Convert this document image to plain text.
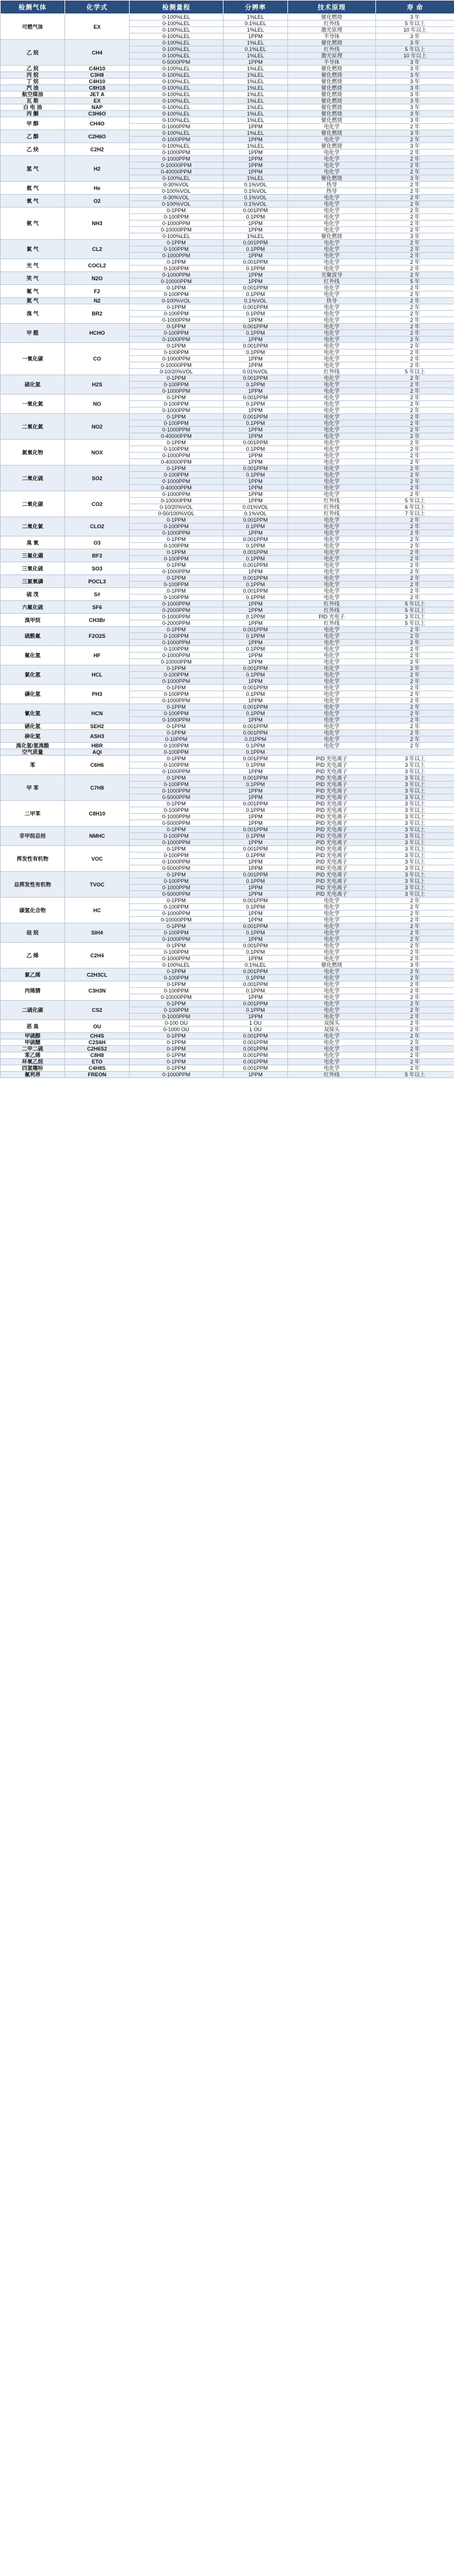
检测气体	化学式	检测量程	分辨率	技术原理	寿 命
可燃气体	EX	0-100%LEL	1%LEL	催化燃烧	3 年
		0-100%LEL	0.1%LEL	红外线	5 年以上
		0-100%LEL	1%LEL	激光原理	10 年以上
		0-100%LEL	1PPM	半导体	3 年
乙 烷	CH4	0-100%LEL	1%LEL	催化燃烧	3 年
		0-100%LEL	0.1%LEL	红外线	5 年以上
		0-100%LEL	1%LEL	激光原理	10 年以上
		0-5000PPM	1PPM	半导体	3 年
乙 烷	C4H10	0-100%LEL	1%LEL	催化燃烧	3 年
丙 烷	C3H8	0-100%LEL	1%LEL	催化燃烧	3 年
丁 烷	C4H10	0-100%LEL	1%LEL	催化燃烧	3 年
汽 油	C8H18	0-100%LEL	1%LEL	催化燃烧	3 年
航空煤油	JET A	0-100%LEL	1%LEL	催化燃烧	3 年
瓦 斯	EX	0-100%LEL	1%LEL	催化燃烧	3 年
白 电 油	NAP	0-100%LEL	1%LEL	催化燃烧	3 年
丙 酮	C3H6O	0-100%LEL	1%LEL	催化燃烧	3 年
甲 醇	CH4O	0-100%LEL	1%LEL	催化燃烧	3 年
		0-1000PPM	1PPM	电化学	2 年
乙 醇	C2H6O	0-100%LEL	1%LEL	催化燃烧	3 年
		0-1000PPM	1PPM	电化学	2 年
乙 炔	C2H2	0-100%LEL	1%LEL	催化燃烧	3 年
		0-1000PPM	1PPM	电化学	2 年
氢 气	H2	0-1000PPM	1PPM	电化学	2 年
		0-10000PPM	1PPM	电化学	2 年
		0-40000PPM	1PPM	电化学	2 年
		0-100%LEL	1%LEL	催化燃烧	3 年
氦 气	He	0-30%VOL	0.1%VOL	热导	2 年
		0-100%VOL	0.1%VOL	热导	2 年
氧 气	O2	0-30%VOL	0.1%VOL	电化学	2 年
		0-100%VOL	0.1%VOL	电化学	2 年
氨 气	NH3	0-1PPM	0.001PPM	电化学	2 年
		0-100PPM	0.1PPM	电化学	2 年
		0-1000PPM	1PPM	电化学	2 年
		0-10000PPM	1PPM	电化学	2 年
		0-100%LEL	1%LEL	催化燃烧	3 年
氯 气	CL2	0-1PPM	0.001PPM	电化学	2 年
		0-100PPM	0.1PPM	电化学	2 年
		0-1000PPM	1PPM	电化学	2 年
光 气	COCL2	0-1PPM	0.001PPM	电化学	2 年
		0-100PPM	0.1PPM	电化学	2 年
笑 气	N2O	0-1000PPM	1PPM	光聚波导	2 年
		0-10000PPM	1PPM	红外线	5 年
氟 气	F2	0-1PPM	0.001PPM	电化学	2 年
		0-100PPM	0.1PPM	电化学	2 年
氮 气	N2	0-100%VOL	0.1%VOL	热导	2 年
溴 气	BR2	0-1PPM	0.001PPM	电化学	2 年
		0-100PPM	0.1PPM	电化学	2 年
		0-1000PPM	1PPM	电化学	2 年
甲 醛	HCHO	0-1PPM	0.001PPM	电化学	2 年
		0-100PPM	0.1PPM	电化学	2 年
		0-1000PPM	1PPM	电化学	2 年
一氧化碳	CO	0-1PPM	0.001PPM	电化学	2 年
		0-100PPM	0.1PPM	电化学	2 年
		0-1000PPM	1PPM	电化学	2 年
		0-10000PPM	1PPM	电化学	2 年
		0-10/20%VOL	0.01%VOL	红外线	5 年以上
硫化氢	H2S	0-1PPM	0.001PPM	电化学	2 年
		0-100PPM	0.1PPM	电化学	2 年
		0-1000PPM	1PPM	电化学	2 年
一氧化氮	NO	0-1PPM	0.001PPM	电化学	2 年
		0-100PPM	0.1PPM	电化学	2 年
		0-1000PPM	1PPM	电化学	2 年
二氧化氮	NO2	0-1PPM	0.001PPM	电化学	2 年
		0-100PPM	0.1PPM	电化学	2 年
		0-1000PPM	1PPM	电化学	2 年
		0-40000PPM	1PPM	电化学	2 年
氮氧化物	NOX	0-1PPM	0.001PPM	电化学	2 年
		0-100PPM	0.1PPM	电化学	2 年
		0-1000PPM	1PPM	电化学	2 年
		0-40000PPM	1PPM	电化学	2 年
二氧化硫	SO2	0-1PPM	0.001PPM	电化学	2 年
		0-100PPM	0.1PPM	电化学	2 年
		0-1000PPM	1PPM	电化学	2 年
		0-40000PPM	1PPM	电化学	2 年
二氧化碳	CO2	0-1000PPM	1PPM	电化学	2 年
		0-10000PPM	1PPM	红外线	5 年以上
		0-10/20%VOL	0.01%VOL	红外线	6 年以上
		0-50/100%VOL	0.1%VOL	红外线	7 年以上
二氧化氯	CLO2	0-1PPM	0.001PPM	电化学	2 年
		0-100PPM	0.1PPM	电化学	2 年
		0-1000PPM	1PPM	电化学	2 年
臭 氧	O3	0-1PPM	0.001PPM	电化学	2 年
		0-100PPM	0.1PPM	电化学	2 年
三氟化硼	BF3	0-1PPM	0.001PPM	电化学	2 年
		0-100PPM	0.1PPM	电化学	2 年
三氧化硫	SO3	0-1PPM	0.001PPM	电化学	2 年
		0-1000PPM	1PPM	电化学	2 年
三氯氧磷	POCL3	0-1PPM	0.001PPM	电化学	2 年
		0-100PPM	0.1PPM	电化学	2 年
硫 茂	S#	0-1PPM	0.001PPM	电化学	2 年
		0-100PPM	0.1PPM	电化学	2 年
六氟化硫	SF6	0-1000PPM	1PPM	红外线	5 年以上
		0-2000PPM	1PPM	红外线	5 年以上
溴甲烷	CH3Br	0-1000PPM	0.1PPM	PID 光电子	3 年以上
		0-2000PPM	1PPM	红外线	5 年以上
硫酰氟	F2O2S	0-1PPM	0.001PPM	电化学	2 年
		0-100PPM	0.1PPM	电化学	2 年
		0-1000PPM	1PPM	电化学	2 年
氟化氢	HF	0-100PPM	0.1PPM	电化学	2 年
		0-1000PPM	1PPM	电化学	2 年
		0-10000PPM	1PPM	电化学	2 年
氯化氢	HCL	0-1PPM	0.001PPM	电化学	2 年
		0-100PPM	0.1PPM	电化学	2 年
		0-1000PPM	1PPM	电化学	2 年
磷化氢	PH3	0-1PPM	0.001PPM	电化学	2 年
		0-100PPM	0.1PPM	电化学	2 年
		0-1000PPM	1PPM	电化学	2 年
氰化氢	HCN	0-1PPM	0.001PPM	电化学	2 年
		0-100PPM	0.1PPM	电化学	2 年
		0-1000PPM	1PPM	电化学	2 年
硒化氢	SEH2	0-1PPM	0.001PPM	电化学	2 年
砷化氢	ASH3	0-1PPM	0.001PPM	电化学	2 年
		0-10PPM	0.01PPM	电化学	2 年
溴化氢/氢溴酸	HBR	0-100PPM	0.1PPM	电化学	2 年
空气质量	AQI	0-100PPM	0.1PPM		
苯	C6H6	0-1PPM	0.001PPM	PID 光电离子	3 年以上
		0-100PPM	0.1PPM	PID 光电离子	3 年以上
		0-1000PPM	1PPM	PID 光电离子	3 年以上
甲 苯	C7H8	0-1PPM	0.001PPM	PID 光电离子	3 年以上
		0-100PPM	0.1PPM	PID 光电离子	3 年以上
		0-1000PPM	1PPM	PID 光电离子	3 年以上
		0-5000PPM	1PPM	PID 光电离子	3 年以上
二甲苯	C8H10	0-1PPM	0.001PPM	PID 光电离子	3 年以上
		0-100PPM	0.1PPM	PID 光电离子	3 年以上
		0-1000PPM	1PPM	PID 光电离子	3 年以上
		0-5000PPM	1PPM	PID 光电离子	3 年以上
非甲烷总烃	NMHC	0-1PPM	0.001PPM	PID 光电离子	3 年以上
		0-100PPM	0.1PPM	PID 光电离子	3 年以上
		0-1000PPM	1PPM	PID 光电离子	3 年以上
挥发性有机物	VOC	0-1PPM	0.001PPM	PID 光电离子	3 年以上
		0-100PPM	0.1PPM	PID 光电离子	3 年以上
		0-1000PPM	1PPM	PID 光电离子	3 年以上
		0-5000PPM	1PPM	PID 光电离子	3 年以上
总挥发性有机物	TVOC	0-1PPM	0.001PPM	PID 光电离子	3 年以上
		0-100PPM	0.1PPM	PID 光电离子	3 年以上
		0-1000PPM	1PPM	PID 光电离子	3 年以上
		0-5000PPM	1PPM	PID 光电离子	3 年以上
碳氢化合物	HC	0-1PPM	0.001PPM	电化学	2 年
		0-100PPM	0.1PPM	电化学	2 年
		0-1000PPM	1PPM	电化学	2 年
		0-10000PPM	1PPM	电化学	2 年
硅 烷	SIH4	0-1PPM	0.001PPM	电化学	2 年
		0-100PPM	0.1PPM	电化学	2 年
		0-1000PPM	1PPM	电化学	2 年
乙 烯	C2H4	0-1PPM	0.001PPM	电化学	2 年
		0-100PPM	0.1PPM	电化学	2 年
		0-1000PPM	1PPM	电化学	2 年
		0-100%LEL	0.1%LEL	催化燃烧	3 年
氯乙烯	C2H3CL	0-1PPM	0.001PPM	电化学	2 年
		0-100PPM	0.1PPM	电化学	2 年
丙烯腈	C3H3N	0-1PPM	0.001PPM	电化学	2 年
		0-100PPM	0.1PPM	电化学	2 年
		0-10000PPM	1PPM	电化学	2 年
二硫化碳	CS2	0-1PPM	0.001PPM	电化学	2 年
		0-100PPM	0.1PPM	电化学	2 年
		0-1000PPM	1PPM	电化学	2 年
恶 臭	OU	0-100 OU	1 OU	双探头	2 年
		0-1000 OU	1 OU	双探头	2 年
甲硫醇	CH4S	0-1PPM	0.001PPM	电化学	2 年
甲硫醚	C2S6H	0-1PPM	0.001PPM	电化学	2 年
二甲二硫	C2H6S2	0-1PPM	0.001PPM	电化学	2 年
苯乙烯	C8H8	0-1PPM	0.001PPM	电化学	2 年
环氧乙烷	ETO	0-1PPM	0.001PPM	电化学	2 年
四氢噻吩	C4H8S	0-1PPM	0.001PPM	电化学	2 年
氟利昂	FREON	0-1000PPM	1PPM	红外线	5 年以上
